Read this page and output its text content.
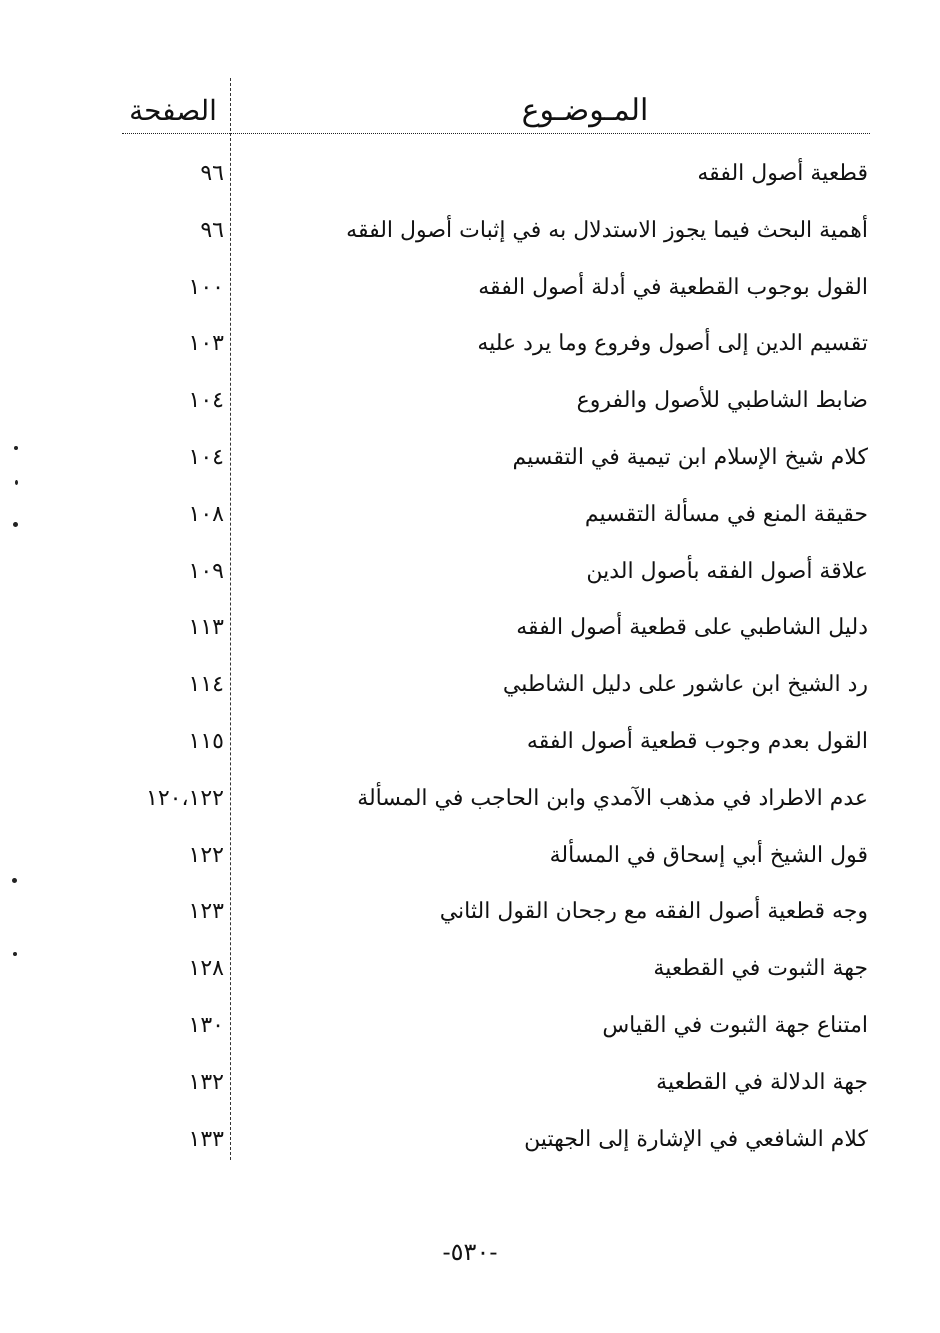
المـوضـوع
الصفحة
قطعية أصول الفقه
٩٦
أهمية البحث فيما يجوز الاستدلال به في إثبات أصول الفقه
٩٦
القول بوجوب القطعية في أدلة أصول الفقه
١٠٠
تقسيم الدين إلى أصول وفروع وما يرد عليه
١٠٣
ضابط الشاطبي للأصول والفروع
١٠٤
كلام شيخ الإسلام ابن تيمية في التقسيم
١٠٤
حقيقة المنع في مسألة التقسيم
١٠٨
علاقة أصول الفقه بأصول الدين
١٠٩
دليل الشاطبي على قطعية أصول الفقه
١١٣
رد الشيخ ابن عاشور على دليل الشاطبي
١١٤
القول بعدم وجوب قطعية أصول الفقه
١١٥
عدم الاطراد في مذهب الآمدي وابن الحاجب في المسألة
١٢٠،١٢٢
قول الشيخ أبي إسحاق في المسألة
١٢٢
وجه قطعية أصول الفقه مع رجحان القول الثاني
١٢٣
جهة الثبوت في القطعية
١٢٨
امتناع جهة الثبوت في القياس
١٣٠
جهة الدلالة في القطعية
١٣٢
كلام الشافعي في الإشارة إلى الجهتين
١٣٣
-٥٣٠-
